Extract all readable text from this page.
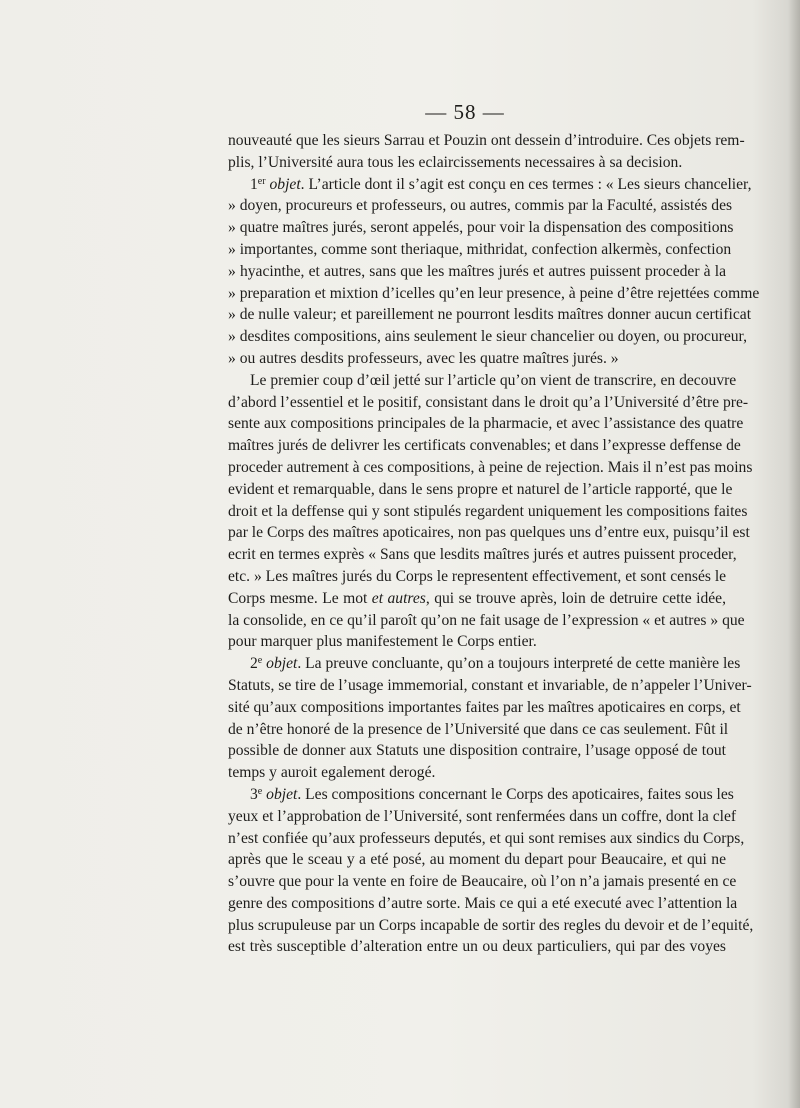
— 58 —
nouveauté que les sieurs Sarrau et Pouzin ont dessein d’introduire. Ces objets rem-
plis, l’Université aura tous les eclaircissements necessaires à sa decision.
1er objet. L’article dont il s’agit est conçu en ces termes : « Les sieurs chancelier,
» doyen, procureurs et professeurs, ou autres, commis par la Faculté, assistés des
» quatre maîtres jurés, seront appelés, pour voir la dispensation des compositions
» importantes, comme sont theriaque, mithridat, confection alkermès, confection
» hyacinthe, et autres, sans que les maîtres jurés et autres puissent proceder à la
» preparation et mixtion d’icelles qu’en leur presence, à peine d’être rejettées comme
» de nulle valeur; et pareillement ne pourront lesdits maîtres donner aucun certificat
» desdites compositions, ains seulement le sieur chancelier ou doyen, ou procureur,
» ou autres desdits professeurs, avec les quatre maîtres jurés. »
Le premier coup d’œil jetté sur l’article qu’on vient de transcrire, en decouvre
d’abord l’essentiel et le positif, consistant dans le droit qu’a l’Université d’être pre-
sente aux compositions principales de la pharmacie, et avec l’assistance des quatre
maîtres jurés de delivrer les certificats convenables; et dans l’expresse deffense de
proceder autrement à ces compositions, à peine de rejection. Mais il n’est pas moins
evident et remarquable, dans le sens propre et naturel de l’article rapporté, que le
droit et la deffense qui y sont stipulés regardent uniquement les compositions faites
par le Corps des maîtres apoticaires, non pas quelques uns d’entre eux, puisqu’il est
ecrit en termes exprès « Sans que lesdits maîtres jurés et autres puissent proceder,
etc. » Les maîtres jurés du Corps le representent effectivement, et sont censés le
Corps mesme. Le mot et autres, qui se trouve après, loin de detruire cette idée,
la consolide, en ce qu’il paroît qu’on ne fait usage de l’expression « et autres » que
pour marquer plus manifestement le Corps entier.
2e objet. La preuve concluante, qu’on a toujours interpreté de cette manière les
Statuts, se tire de l’usage immemorial, constant et invariable, de n’appeler l’Univer-
sité qu’aux compositions importantes faites par les maîtres apoticaires en corps, et
de n’être honoré de la presence de l’Université que dans ce cas seulement. Fût il
possible de donner aux Statuts une disposition contraire, l’usage opposé de tout
temps y auroit egalement derogé.
3e objet. Les compositions concernant le Corps des apoticaires, faites sous les
yeux et l’approbation de l’Université, sont renfermées dans un coffre, dont la clef
n’est confiée qu’aux professeurs deputés, et qui sont remises aux sindics du Corps,
après que le sceau y a eté posé, au moment du depart pour Beaucaire, et qui ne
s’ouvre que pour la vente en foire de Beaucaire, où l’on n’a jamais presenté en ce
genre des compositions d’autre sorte. Mais ce qui a eté executé avec l’attention la
plus scrupuleuse par un Corps incapable de sortir des regles du devoir et de l’equité,
est très susceptible d’alteration entre un ou deux particuliers, qui par des voyes
